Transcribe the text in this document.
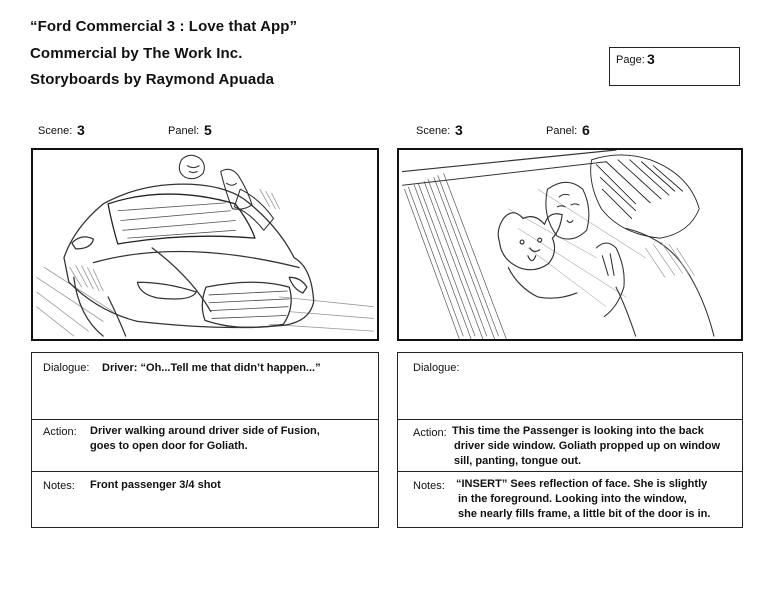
“Ford Commercial 3 : Love that App”
Commercial by The Work Inc.
Storyboards by Raymond Apuada
Page: 3
Scene: 3	Panel: 5
Dialogue: Driver: “Oh...Tell me that didn’t happen...”
Action: Driver walking around driver side of Fusion,
goes to open door for Goliath.
Notes: Front passenger 3/4 shot
Scene: 3	Panel: 6
Dialogue:
Action: This time the Passenger is looking into the back
driver side window. Goliath propped up on window
sill, panting, tongue out.
Notes: “INSERT” Sees reflection of face. She is slightly
in the foreground. Looking into the window,
she nearly fills frame, a little bit of the door is in.
